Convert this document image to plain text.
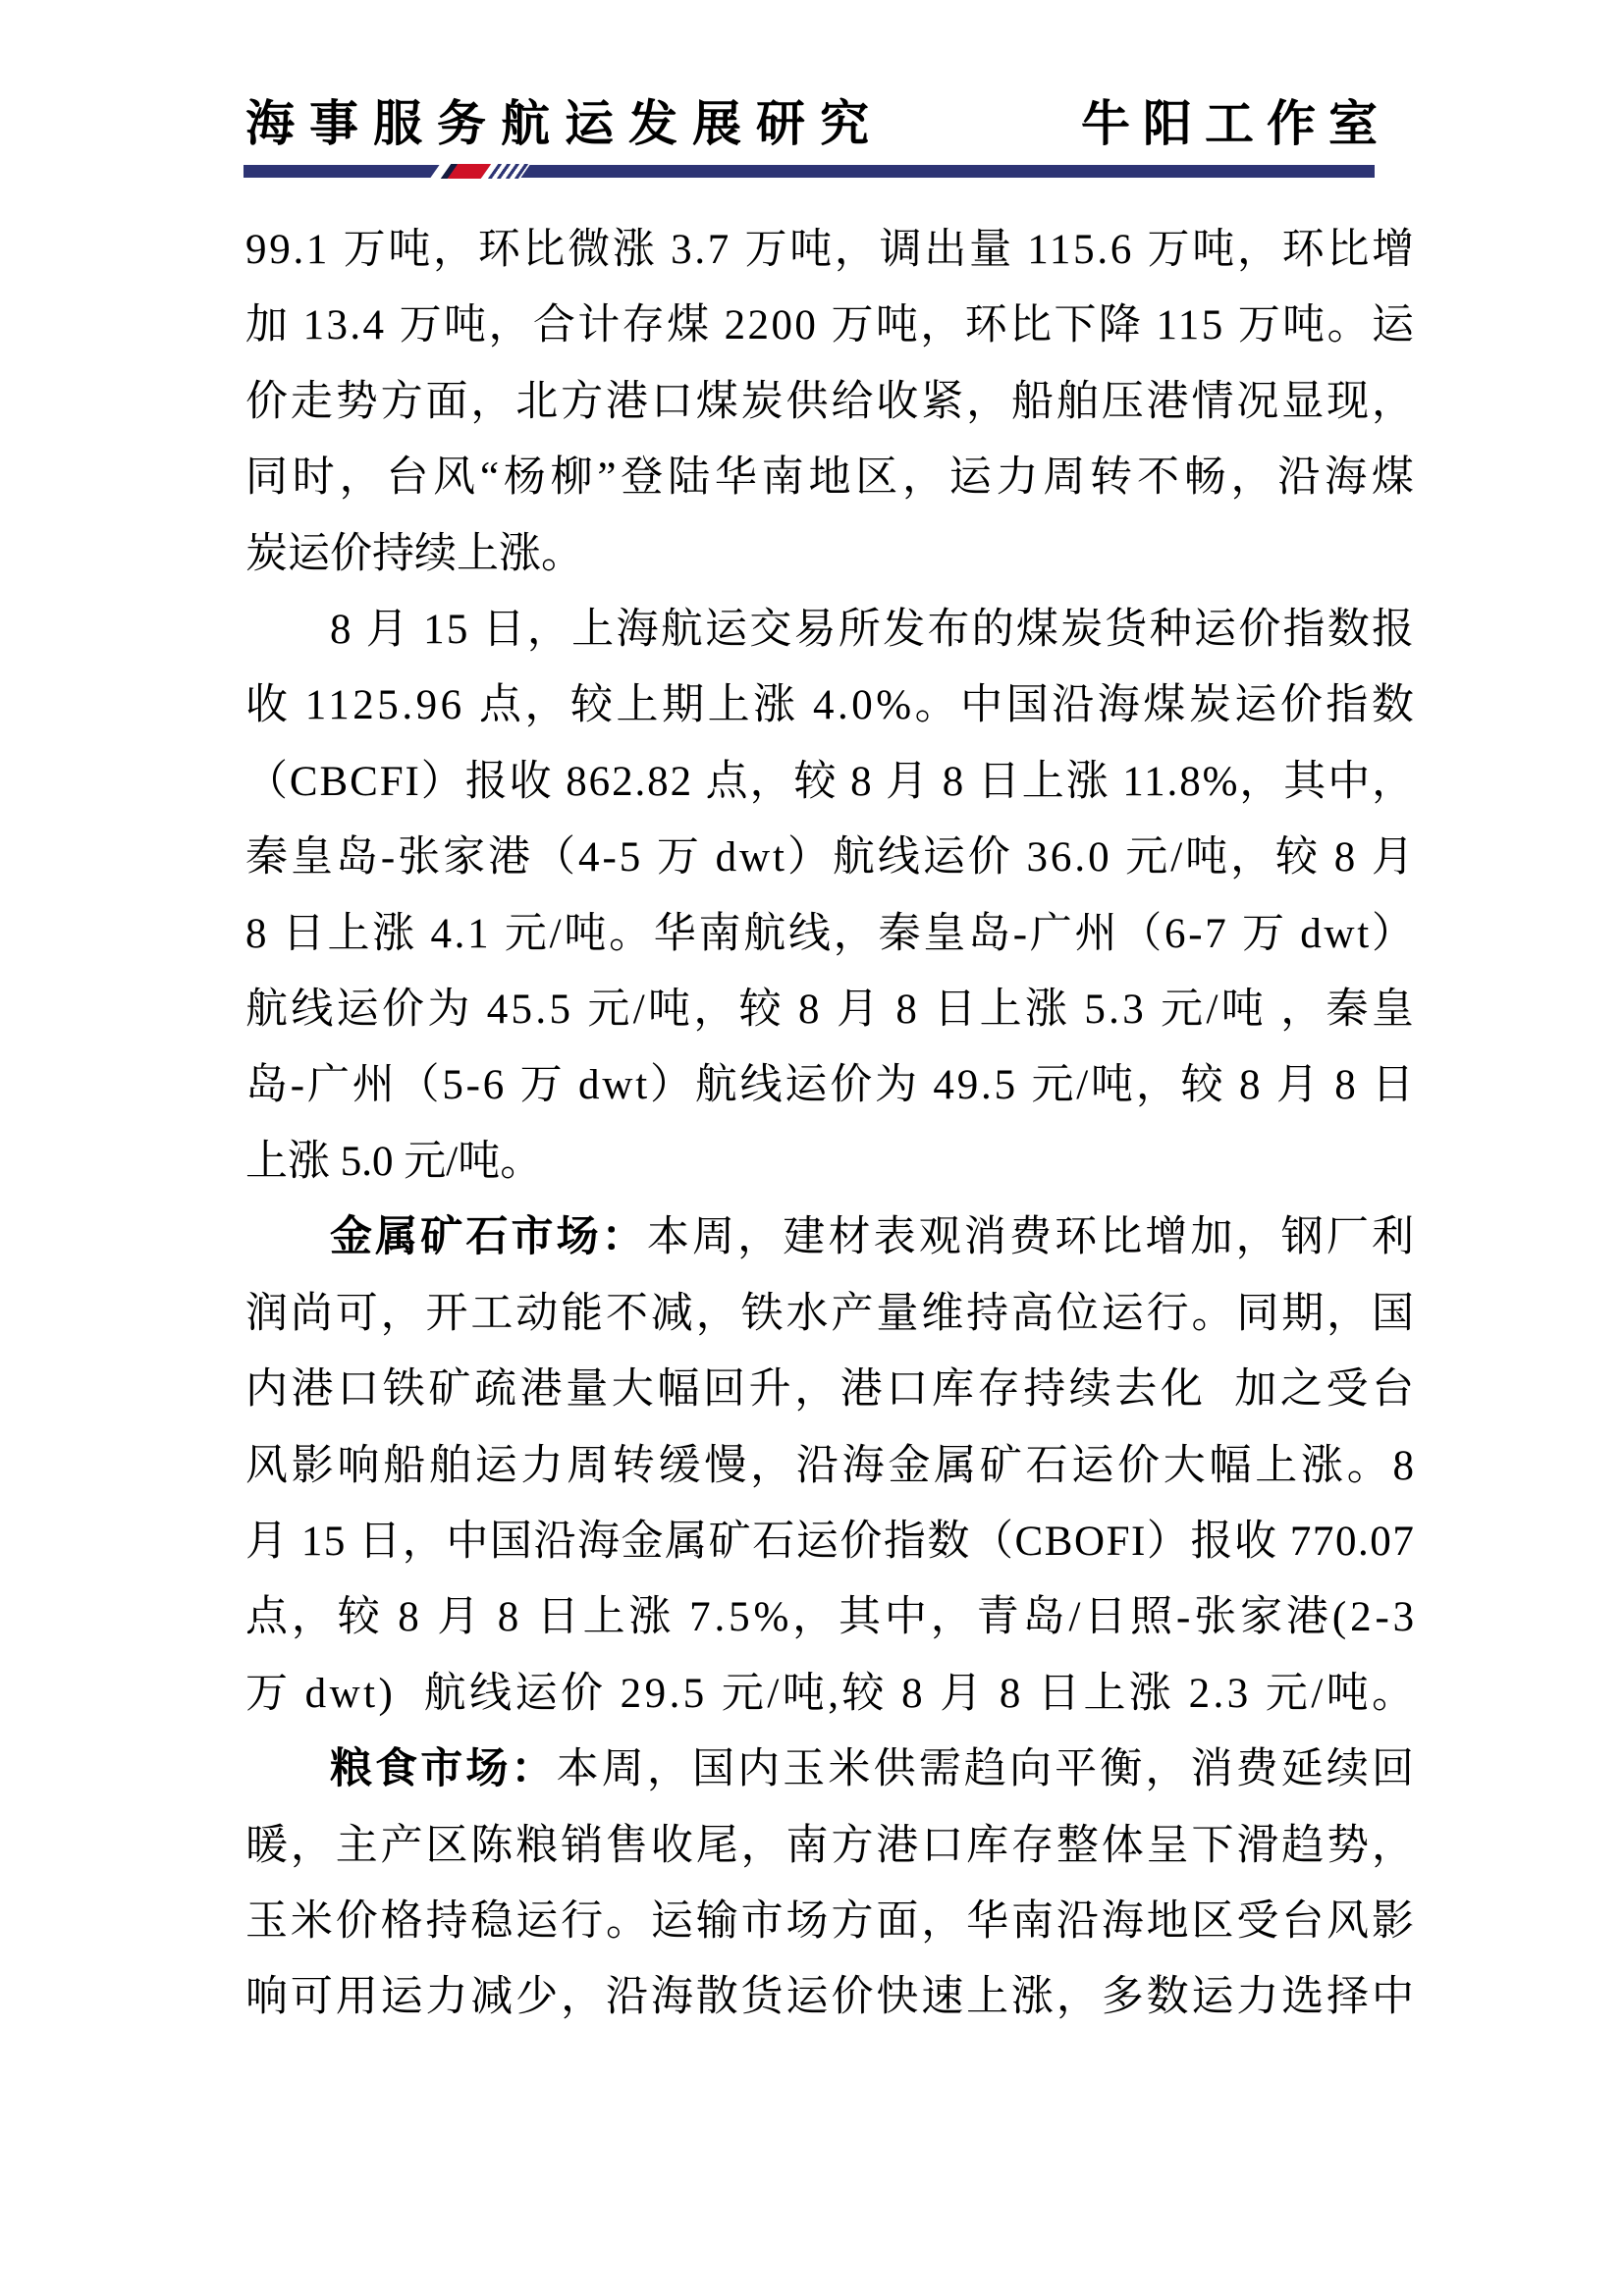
海事服务航运发展研究	牛阳工作室
99.1 万吨，环比微涨 3.7 万吨，调出量 115.6 万吨，环比增
加 13.4 万吨，合计存煤 2200 万吨，环比下降 115 万吨。运
价走势方面，北方港口煤炭供给收紧，船舶压港情况显现，
同时，台风“杨柳”登陆华南地区，运力周转不畅，沿海煤
炭运价持续上涨。
8 月 15 日，上海航运交易所发布的煤炭货种运价指数报
收 1125.96 点，较上期上涨 4.0%。中国沿海煤炭运价指数
（CBCFI）报收 862.82 点，较 8 月 8 日上涨 11.8%，其中，
秦皇岛-张家港（4-5 万 dwt）航线运价 36.0 元/吨，较 8 月
8 日上涨 4.1 元/吨。华南航线，秦皇岛-广州（6-7 万 dwt）
航线运价为 45.5 元/吨，较 8 月 8 日上涨 5.3 元/吨 ，秦皇
岛-广州（5-6 万 dwt）航线运价为 49.5 元/吨，较 8 月 8 日
上涨 5.0 元/吨。
金属矿石市场：本周，建材表观消费环比增加，钢厂利
润尚可，开工动能不减，铁水产量维持高位运行。同期，国
内港口铁矿疏港量大幅回升，港口库存持续去化  加之受台
风影响船舶运力周转缓慢，沿海金属矿石运价大幅上涨。8
月 15 日，中国沿海金属矿石运价指数（CBOFI）报收 770.07
点，较 8 月 8 日上涨 7.5%，其中，青岛/日照-张家港(2-3
万 dwt)  航线运价 29.5 元/吨,较 8 月 8 日上涨 2.3 元/吨。
粮食市场：本周，国内玉米供需趋向平衡，消费延续回
暖，主产区陈粮销售收尾，南方港口库存整体呈下滑趋势，
玉米价格持稳运行。运输市场方面，华南沿海地区受台风影
响可用运力减少，沿海散货运价快速上涨，多数运力选择中
